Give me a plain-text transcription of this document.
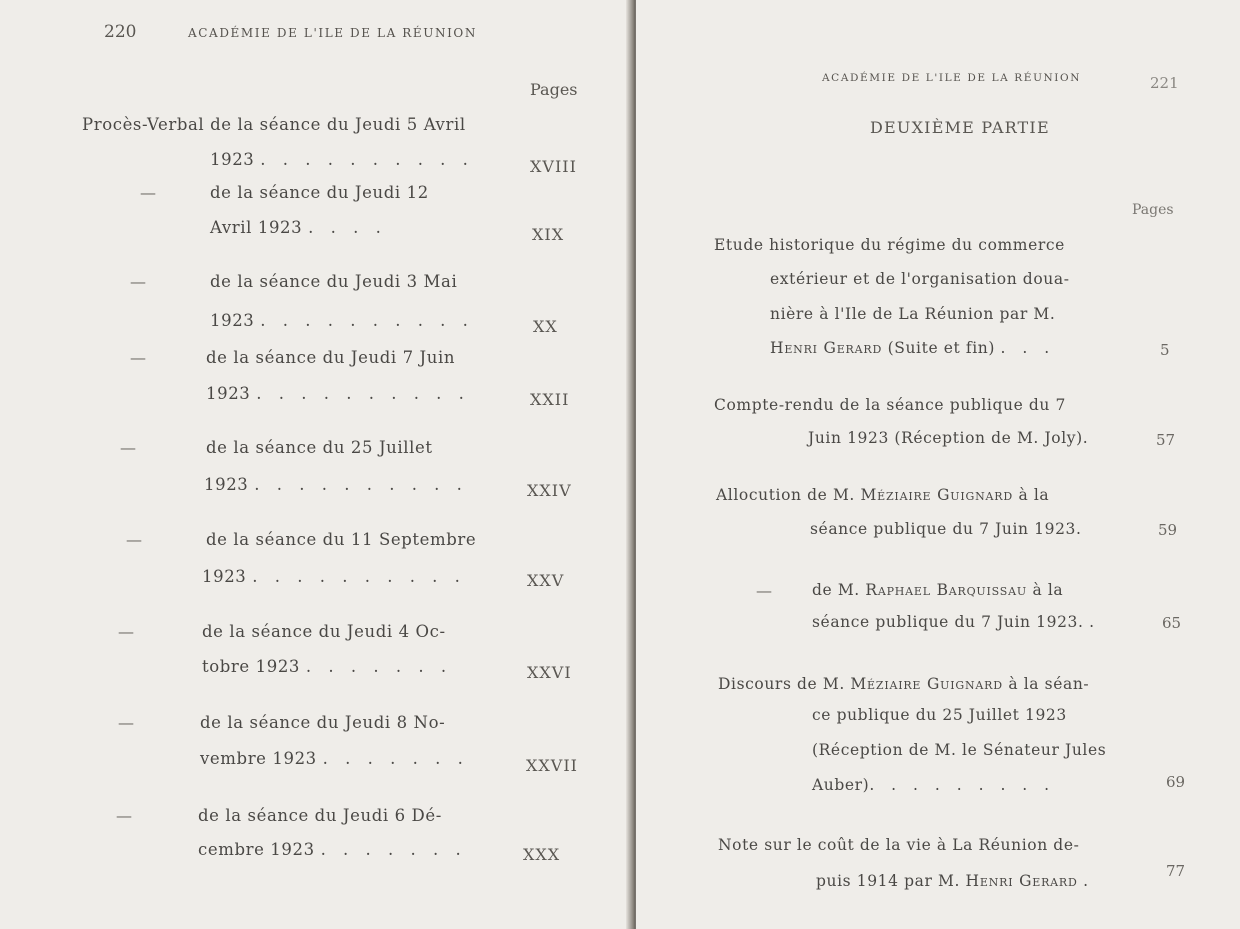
220	ACADÉMIE DE L'ILE DE LA RÉUNION
Pages
Procès-Verbal de la séance du Jeudi 5 Avril
1923 . . . . . . . . . .	XVIII
—	de la séance du Jeudi 12
Avril 1923 . . . .	XIX
—	de la séance du Jeudi 3 Mai
1923 . . . . . . . . . .	XX
—	de la séance du Jeudi 7 Juin
1923 . . . . . . . . . .	XXII
—	de la séance du 25 Juillet
1923 . . . . . . . . . .	XXIV
—	de la séance du 11 Septembre
1923 . . . . . . . . . .	XXV
—	de la séance du Jeudi 4 Oc-
tobre 1923 . . . . . . .	XXVI
—	de la séance du Jeudi 8 No-
vembre 1923 . . . . . . .	XXVII
—	de la séance du Jeudi 6 Dé-
cembre 1923 . . . . . . .	XXX
ACADÉMIE DE L'ILE DE LA RÉUNION	221
DEUXIÈME PARTIE
Pages
Etude historique du régime du commerce
extérieur et de l'organisation doua-
nière à l'Ile de La Réunion par M.
Henri Gerard (Suite et fin) . . .	5
Compte-rendu de la séance publique du 7
Juin 1923 (Réception de M. Joly).	57
Allocution de M. Méziaire Guignard à la
séance publique du 7 Juin 1923.	59
—	de M. Raphael Barquissau à la
séance publique du 7 Juin 1923. .	65
Discours de M. Méziaire Guignard à la séan-
ce publique du 25 Juillet 1923
(Réception de M. le Sénateur Jules
Auber). . . . . . . . .	69
Note sur le coût de la vie à La Réunion de-
puis 1914 par M. Henri Gerard .
77
